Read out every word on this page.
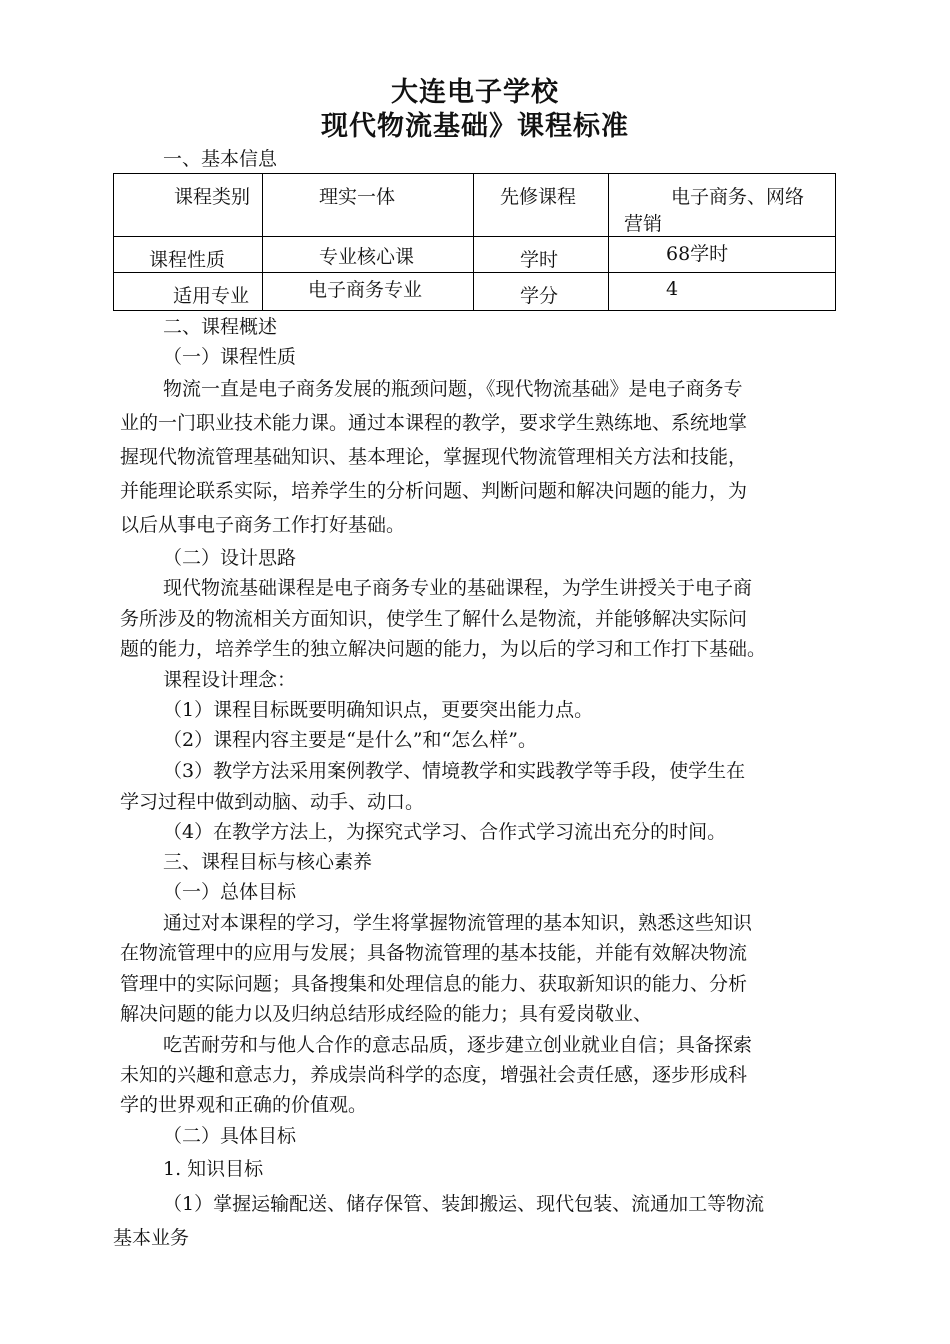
大连电子学校
现代物流基础》课程标准
一、基本信息
课程类别	理实一体	先修课程	电子商务、网络
营销

课程性质	专业核心课	学时	68学时

适用专业	电子商务专业	学分	4
二、课程概述
（一）课程性质
物流一直是电子商务发展的瓶颈问题，《现代物流基础》是电子商务专
业的一门职业技术能力课。通过本课程的教学，要求学生熟练地、系统地掌
握现代物流管理基础知识、基本理论，掌握现代物流管理相关方法和技能，
并能理论联系实际，培养学生的分析问题、判断问题和解决问题的能力，为
以后从事电子商务工作打好基础。
（二）设计思路
现代物流基础课程是电子商务专业的基础课程，为学生讲授关于电子商
务所涉及的物流相关方面知识，使学生了解什么是物流，并能够解决实际问
题的能力，培养学生的独立解决问题的能力，为以后的学习和工作打下基础。
课程设计理念：
（1）课程目标既要明确知识点，更要突出能力点。
（2）课程内容主要是“是什么”和“怎么样”。
（3）教学方法采用案例教学、情境教学和实践教学等手段，使学生在
学习过程中做到动脑、动手、动口。
（4）在教学方法上，为探究式学习、合作式学习流出充分的时间。
三、课程目标与核心素养
（一）总体目标
通过对本课程的学习，学生将掌握物流管理的基本知识，熟悉这些知识
在物流管理中的应用与发展；具备物流管理的基本技能，并能有效解决物流
管理中的实际问题；具备搜集和处理信息的能力、获取新知识的能力、分析
解决问题的能力以及归纳总结形成经险的能力；具有爱岗敬业、
吃苦耐劳和与他人合作的意志品质，逐步建立创业就业自信；具备探索
未知的兴趣和意志力，养成崇尚科学的态度，增强社会责任感，逐步形成科
学的世界观和正确的价值观。
（二）具体目标
1. 知识目标
（1）掌握运输配送、储存保管、装卸搬运、现代包装、流通加工等物流
基本业务
